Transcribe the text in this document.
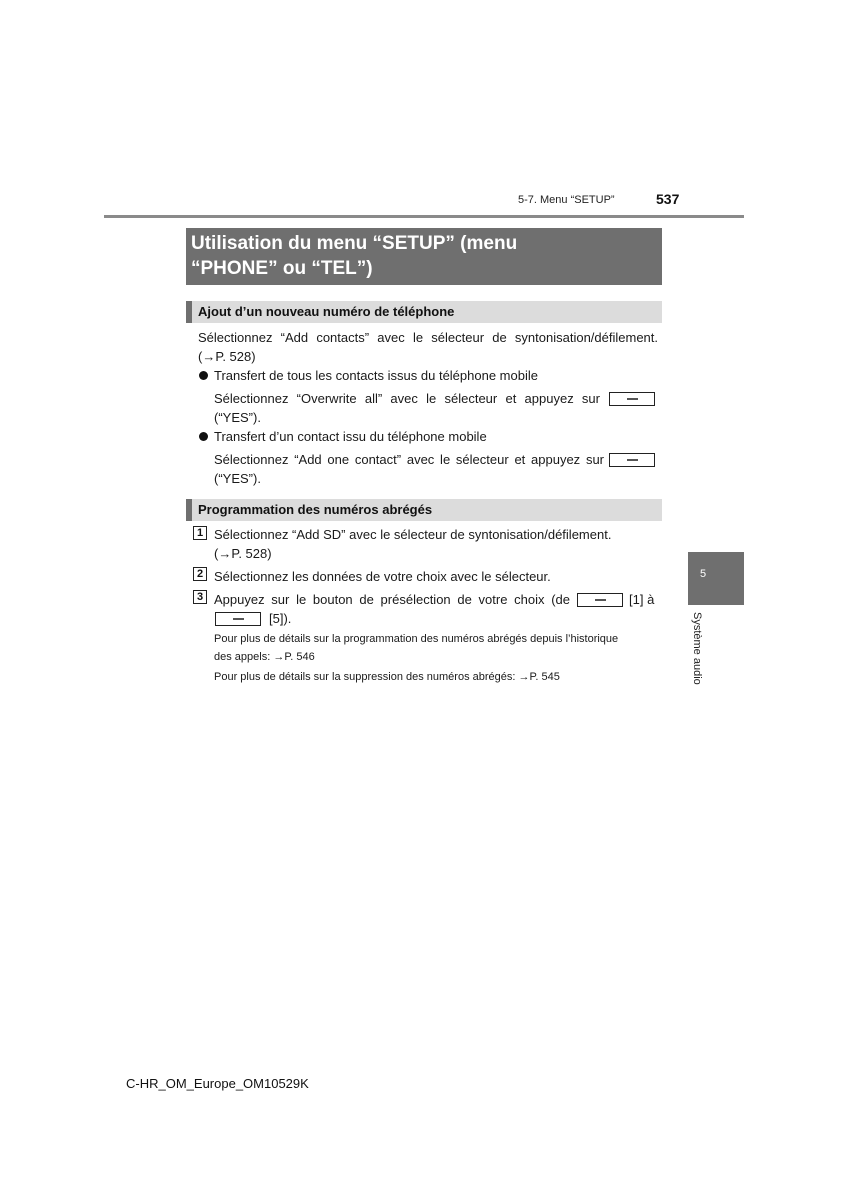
5-7. Menu “SETUP”	537
Utilisation du menu “SETUP” (menu
“PHONE” ou “TEL”)
Ajout d’un nouveau numéro de téléphone
Sélectionnez “Add contacts” avec le sélecteur de syntonisation/défilement.
(→P. 528)
Transfert de tous les contacts issus du téléphone mobile
Sélectionnez “Overwrite all” avec le sélecteur et appuyez sur
(“YES”).
Transfert d’un contact issu du téléphone mobile
Sélectionnez “Add one contact” avec le sélecteur et appuyez sur
(“YES”).
Programmation des numéros abrégés
1 Sélectionnez “Add SD” avec le sélecteur de syntonisation/défilement.
(→P. 528)
2 Sélectionnez les données de votre choix avec le sélecteur.
3 Appuyez sur le bouton de présélection de votre choix (de	[1] à
[5]).
Pour plus de détails sur la programmation des numéros abrégés depuis l’historique
des appels: →P. 546
Pour plus de détails sur la suppression des numéros abrégés: →P. 545
5
Système audio
C-HR_OM_Europe_OM10529K
